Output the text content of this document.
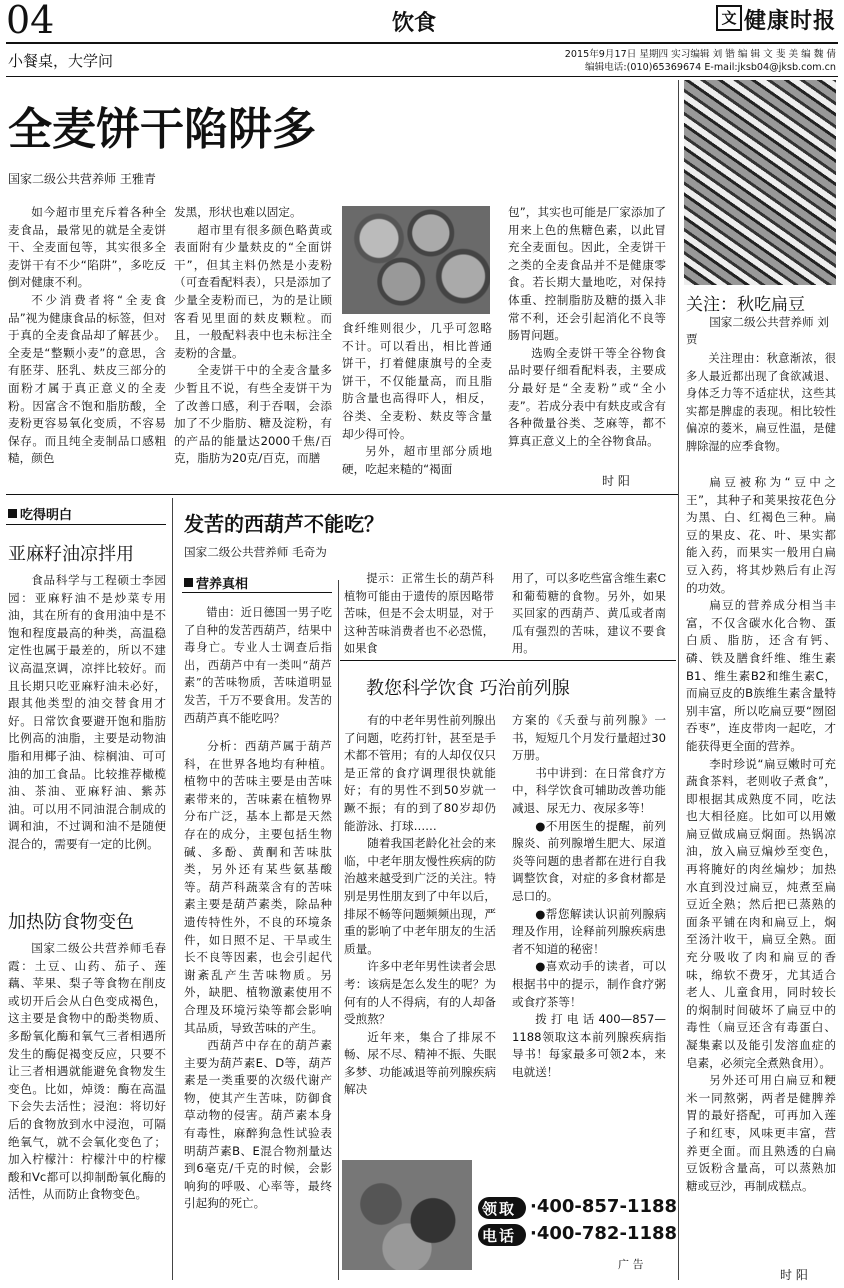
04	饮食	文 健康时报
小餐桌，大学问	2015年9月17日 星期四 实习编辑 刘 锴 编 辑 文 斐 美 编 魏 倩
编辑电话:(010)65369674 E-mail:jksb04@jksb.com.cn
全麦饼干陷阱多
国家二级公共营养师 王雅青

如今超市里充斥着各种全麦食品，最常见的就是全麦饼干、全麦面包等，其实很多全麦饼干有不少“陷阱”，多吃反倒对健康不利。

不少消费者将“全麦食品”视为健康食品的标签，但对于真的全麦食品却了解甚少。全麦是“整颗小麦”的意思，含有胚芽、胚乳、麸皮三部分的面粉才属于真正意义的全麦粉。因富含不饱和脂肪酸，全麦粉更容易氧化变质，不容易保存。而且纯全麦制品口感粗糙，颜色

发黑，形状也难以固定。

超市里有很多颜色略黄或表面附有少量麸皮的“全面饼干”，但其主料仍然是小麦粉（可查看配料表），只是添加了少量全麦粉而已，为的是让顾客看见里面的麸皮颗粒。而且，一般配料表中也未标注全麦粉的含量。

全麦饼干中的全麦含量多少暂且不说，有些全麦饼干为了改善口感，利于吞咽，会添加了不少脂肪、糖及淀粉，有的产品的能量达2000千焦/百克，脂肪为20克/百克，而膳

食纤维则很少，几乎可忽略不计。可以看出，相比普通饼干，打着健康旗号的全麦饼干，不仅能量高，而且脂肪含量也高得吓人，相反，谷类、全麦粉、麸皮等含量却少得可怜。

另外，超市里部分质地硬，吃起来糙的“褐面

包”，其实也可能是厂家添加了用来上色的焦糖色素，以此冒充全麦面包。因此，全麦饼干之类的全麦食品并不是健康零食。若长期大量地吃，对保持体重、控制脂肪及糖的摄入非常不利，还会引起消化不良等肠胃问题。

选购全麦饼干等全谷物食品时要仔细看配料表，主要成分最好是“全麦粉”或“全小麦”。若成分表中有麸皮或含有各种微量谷类、芝麻等，都不算真正意义上的全谷物食品。

时 阳
关注：秋吃扁豆
国家二级公共营养师 刘 贾

关注理由：秋意渐浓，很多人最近都出现了食欲减退、身体乏力等不适症状，这些其实都是脾虚的表现。相比较性偏凉的菱米，扁豆性温，是健脾除湿的应季食物。

扁豆被称为“豆中之王”，其种子和荚果按花色分为黑、白、红褐色三种。扁豆的果皮、花、叶、果实都能入药，而果实一般用白扁豆入药，将其炒熟后有止泻的功效。

扁豆的营养成分相当丰富，不仅含碳水化合物、蛋白质、脂肪，还含有钙、磷、铁及膳食纤维、维生素B1、维生素B2和维生素C，而扁豆皮的B族维生素含量特别丰富，所以吃扁豆要“囫囵吞枣”，连皮带肉一起吃，才能获得更全面的营养。

李时珍说“扁豆嫩时可充蔬食茶料，老则收子煮食”，即根据其成熟度不同，吃法也大相径庭。比如可以用嫩扁豆做成扁豆焖面。热锅凉油，放入扁豆煸炒至变色，再将腌好的肉丝煸炒；加热水直到没过扁豆，炖煮至扁豆近全熟；然后把已蒸熟的面条平铺在肉和扁豆上，焖至汤汁收干，扁豆全熟。面充分吸收了肉和扁豆的香味，绵软不费牙，尤其适合老人、儿童食用，同时较长的焖制时间破坏了扁豆中的毒性（扁豆还含有毒蛋白、凝集素以及能引发溶血症的皂素，必须完全煮熟食用）。

另外还可用白扁豆和粳米一同熬粥，两者是健脾养胃的最好搭配，可再加入莲子和红枣，风味更丰富，营养更全面。而且熟透的白扁豆饭粉含量高，可以蒸熟加糖或豆沙，再制成糕点。

时 阳
吃得明白
亚麻籽油凉拌用

食品科学与工程硕士李园园：亚麻籽油不是炒菜专用油，其在所有的食用油中是不饱和程度最高的种类，高温稳定性也属于最差的，所以不建议高温烹调，凉拌比较好。而且长期只吃亚麻籽油未必好，跟其他类型的油交替食用才好。日常饮食要避开饱和脂肪比例高的油脂，主要是动物油脂和用椰子油、棕榈油、可可油的加工食品。比较推荐橄榄油、茶油、亚麻籽油、紫苏油。可以用不同油混合制成的调和油，不过调和油不是随便混合的，需要有一定的比例。

加热防食物变色

国家二级公共营养师毛春霞：土豆、山药、茄子、莲藕、苹果、梨子等食物在削皮或切开后会从白色变成褐色，这主要是食物中的酚类物质、多酚氧化酶和氧气三者相遇所发生的酶促褐变反应，只要不让三者相遇就能避免食物发生变色。比如，焯烫：酶在高温下会失去活性；浸泡：将切好后的食物放到水中浸泡，可隔绝氧气，就不会氧化变色了；加入柠檬汁：柠檬汁中的柠檬酸和Vc都可以抑制酚氧化酶的活性，从而防止食物变色。

发苦的西葫芦不能吃？
国家二级公共营养师 毛奇为
营养真相

错由：近日德国一男子吃了自种的发苦西葫芦，结果中毒身亡。专业人士调查后指出，西葫芦中有一类叫“葫芦素”的苦味物质，苦味道明显发苦，千万不要食用。发苦的西葫芦真不能吃吗？

分析：西葫芦属于葫芦科，在世界各地均有种植。植物中的苦味主要是由苦味素带来的，苦味素在植物界分布广泛，基本上都是天然存在的成分，主要包括生物碱、多酚、黄酮和苦味肽类，另外还有某些氨基酸等。葫芦科蔬菜含有的苦味素主要是葫芦素类，除品种遗传特性外，不良的环境条件，如日照不足、干旱或生长不良等因素，也会引起代谢紊乱产生苦味物质。另外，缺肥、植物激素使用不合理及环境污染等都会影响其品质，导致苦味的产生。

西葫芦中存在的葫芦素主要为葫芦素E、D等，葫芦素是一类重要的次级代谢产物，使其产生苦味，防御食草动物的侵害。葫芦素本身有毒性，麻醉狗急性试验表明葫芦素B、E混合物剂量达到6毫克/千克的时候，会影响狗的呼吸、心率等，最终引起狗的死亡。

提示：正常生长的葫芦科植物可能由于遗传的原因略带苦味，但是不会太明显，对于这种苦味消费者也不必恐慌，如果食

用了，可以多吃些富含维生素C和葡萄糖的食物。另外，如果买回家的西葫芦、黄瓜或者南瓜有强烈的苦味，建议不要食用。

教您科学饮食 巧治前列腺

有的中老年男性前列腺出了问题，吃药打针，甚至是手术都不管用；有的人却仅仅只是正常的食疗调理很快就能好；有的男性不到50岁就一蹶不振；有的到了80岁却仍能游泳、打球……

随着我国老龄化社会的来临，中老年朋友慢性疾病的防治越来越受到广泛的关注。特别是男性朋友到了中年以后，排尿不畅等问题频频出现，严重的影响了中老年朋友的生活质量。

许多中老年男性读者会思考：该病是怎么发生的呢？为何有的人不得病，有的人却备受煎熬？

近年来，集合了排尿不畅、尿不尽、精神不振、失眠多梦、功能减退等前列腺疾病解决

方案的《夭蚕与前列腺》一书，短短几个月发行量超过30万册。

书中讲到：在日常食疗方中，科学饮食可辅助改善功能减退、尿无力、夜尿多等！

●不用医生的提醒，前列腺炎、前列腺增生肥大、尿道炎等问题的患者都在进行自我调整饮食，对症的多食材都是忌口的。

●帮您解读认识前列腺病理及作用，诠释前列腺疾病患者不知道的秘密！

●喜欢动手的读者，可以根据书中的提示，制作食疗粥或食疗茶等！

拨打电话400—857—1188领取这本前列腺疾病指导书！每家最多可领2本，来电就送！

领取 ·400-857-1188
电话 ·400-782-1188
广 告
